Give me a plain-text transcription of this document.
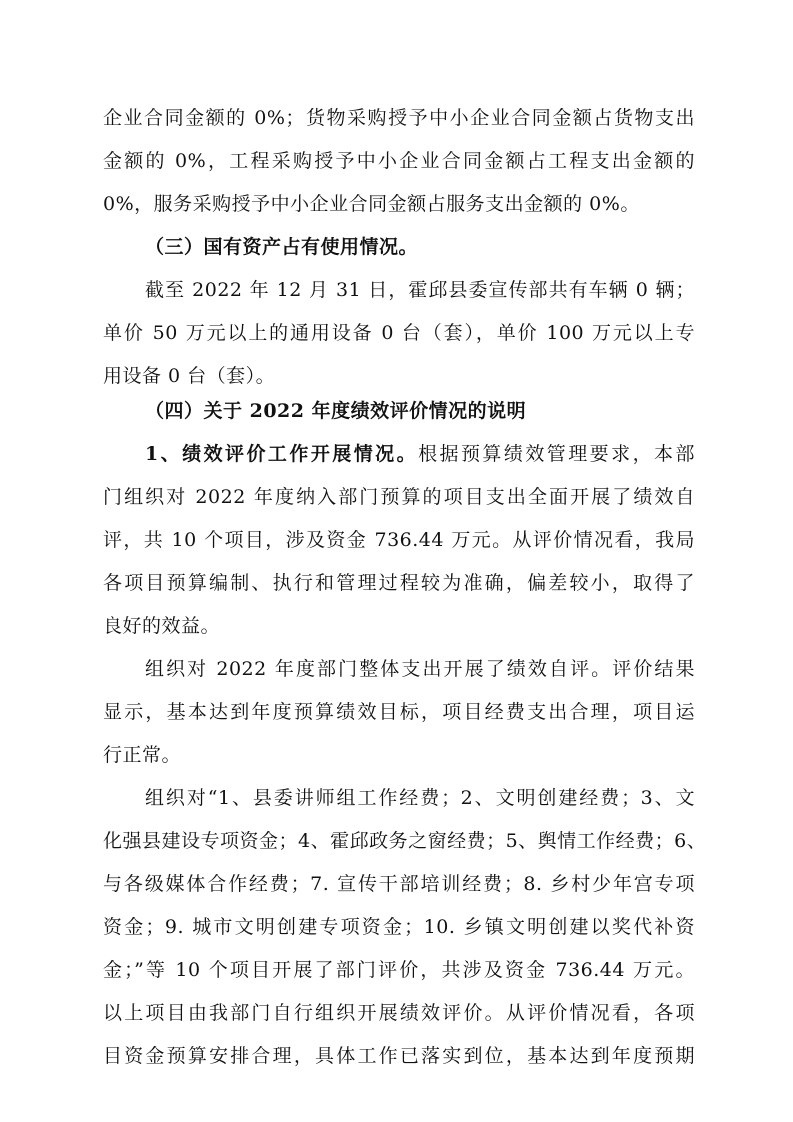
企业合同金额的 0%；货物采购授予中小企业合同金额占货物支出
金额的 0%，工程采购授予中小企业合同金额占工程支出金额的
0%，服务采购授予中小企业合同金额占服务支出金额的 0%。
（三）国有资产占有使用情况。
截至 2022 年 12 月 31 日，霍邱县委宣传部共有车辆 0 辆；
单价 50 万元以上的通用设备 0 台（套），单价 100 万元以上专
用设备 0 台（套）。
（四）关于 2022 年度绩效评价情况的说明
1、绩效评价工作开展情况。根据预算绩效管理要求，本部
门组织对 2022 年度纳入部门预算的项目支出全面开展了绩效自
评，共 10 个项目，涉及资金 736.44 万元。从评价情况看，我局
各项目预算编制、执行和管理过程较为准确，偏差较小，取得了
良好的效益。
组织对 2022 年度部门整体支出开展了绩效自评。评价结果
显示，基本达到年度预算绩效目标，项目经费支出合理，项目运
行正常。
组织对“1、县委讲师组工作经费；2、文明创建经费；3、文
化强县建设专项资金；4、霍邱政务之窗经费；5、舆情工作经费；6、
与各级媒体合作经费；7. 宣传干部培训经费；8. 乡村少年宫专项
资金；9. 城市文明创建专项资金；10. 乡镇文明创建以奖代补资
金；”等 10 个项目开展了部门评价，共涉及资金 736.44 万元。
以上项目由我部门自行组织开展绩效评价。从评价情况看，各项
目资金预算安排合理，具体工作已落实到位，基本达到年度预期
